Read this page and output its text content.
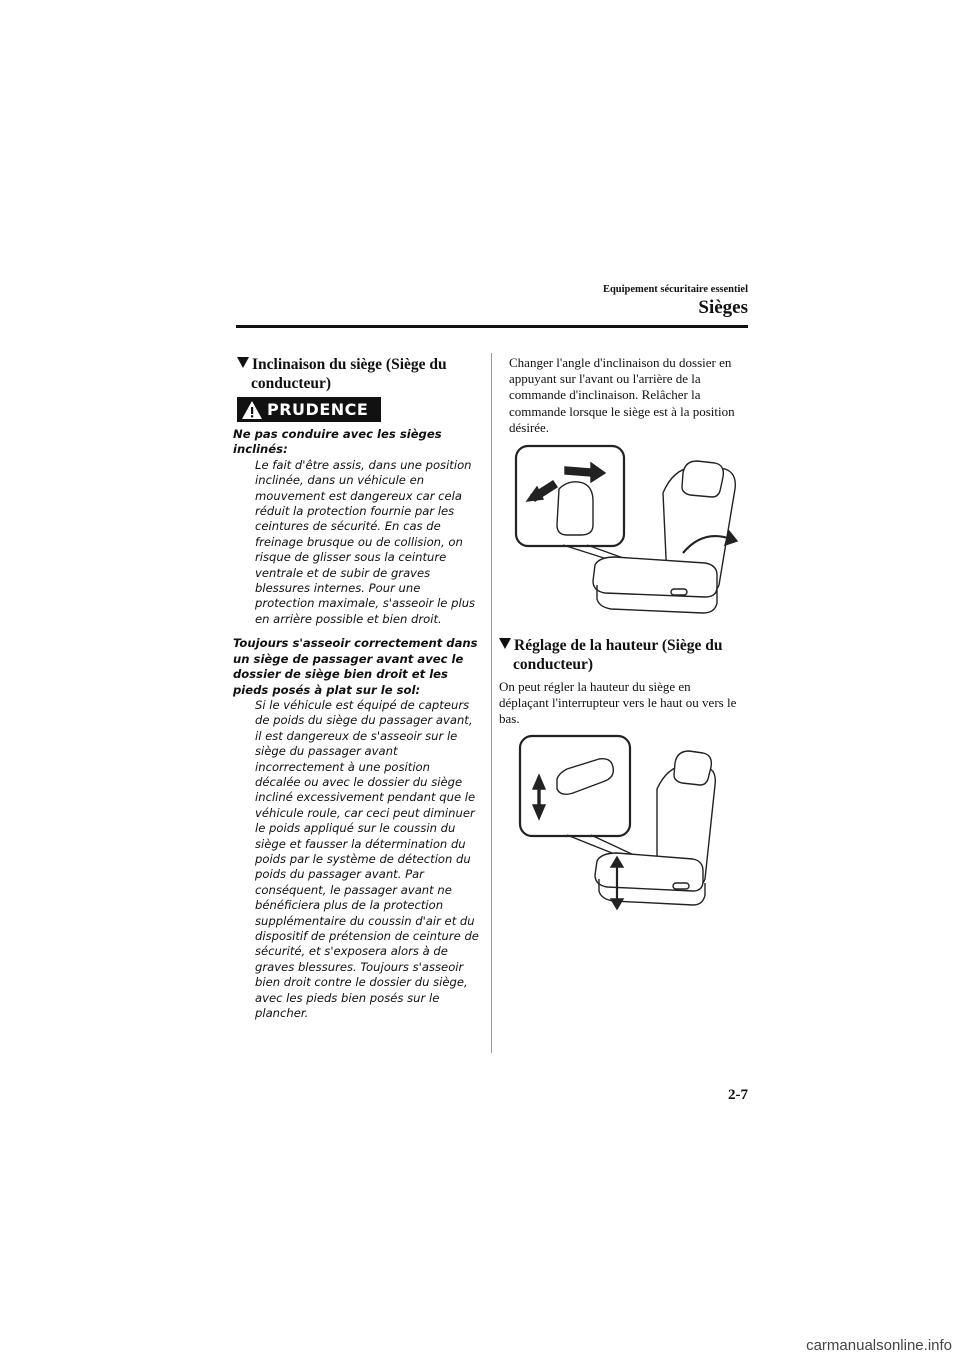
Equipement sécuritaire essentiel
Sièges
Inclinaison du siège (Siège du conducteur)
PRUDENCE

Ne pas conduire avec les sièges inclinés:

Le fait d'être assis, dans une position inclinée, dans un véhicule en mouvement est dangereux car cela réduit la protection fournie par les ceintures de sécurité. En cas de freinage brusque ou de collision, on risque de glisser sous la ceinture ventrale et de subir de graves blessures internes. Pour une protection maximale, s'asseoir le plus en arrière possible et bien droit.

Toujours s'asseoir correctement dans un siège de passager avant avec le dossier de siège bien droit et les pieds posés à plat sur le sol:

Si le véhicule est équipé de capteurs de poids du siège du passager avant, il est dangereux de s'asseoir sur le siège du passager avant incorrectement à une position décalée ou avec le dossier du siège incliné excessivement pendant que le véhicule roule, car ceci peut diminuer le poids appliqué sur le coussin du siège et fausser la détermination du poids par le système de détection du poids du passager avant. Par conséquent, le passager avant ne bénéficiera plus de la protection supplémentaire du coussin d'air et du dispositif de prétension de ceinture de sécurité, et s'exposera alors à de graves blessures. Toujours s'asseoir bien droit contre le dossier du siège, avec les pieds bien posés sur le plancher.

Changer l'angle d'inclinaison du dossier en appuyant sur l'avant ou l'arrière de la commande d'inclinaison. Relâcher la commande lorsque le siège est à la position désirée.
Réglage de la hauteur (Siège du conducteur)
On peut régler la hauteur du siège en déplaçant l'interrupteur vers le haut ou vers le bas.
2-7
carmanualsonline.info
